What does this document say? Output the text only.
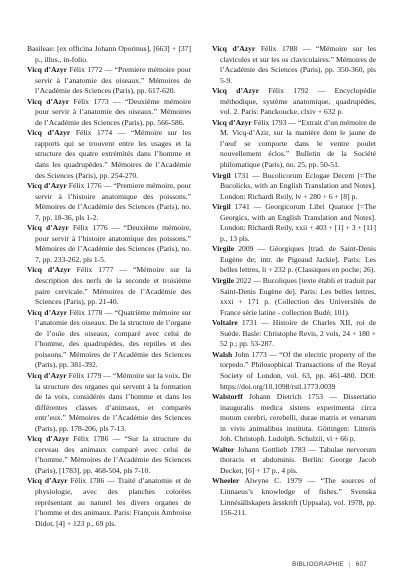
Basileae: [ex officina Johann Oporinus], [663] + [37] p., illus., in-folio.

Vicq d’Azyr Félix 1772 — “Premiere mémoire pour servir à l’anatomie des oiseaux.” Mémoires de l’Académie des Sciences (Paris), pp. 617-620.

Vicq d’Azyr Félix 1773 — “Deuxième mémoire pour servir à l’anatomie des oiseaux.” Mémoires de l’Académie des Sciences (Paris), pp. 566-586.

Vicq d’Azyr Félix 1774 — “Mémoire sur les rapports qui se trouvent entre les usages et la structure des quatre extrémités dans l’homme et dans les quadrupèdes.” Mémoires de l’Académie des Sciences (Paris), pp. 254-270.

Vicq d’Azyr Félix 1776 — “Premiere mémoire, pour servir à l’histoire anatomique des poissons.” Mémoires de l’Académie des Sciences (Paris), no. 7, pp. 18-36, pls 1-2.

Vicq d’Azyr Félix 1776 — “Deuxième mémoire, pour servir à l’histoire anatomique des poissons.” Mémoires de l’Académie des Sciences (Paris), no. 7, pp. 233-262, pls 1-5.

Vicq d’Azyr Félix 1777 — “Mémoire sur la description des nerfs de la seconde et troisième paire cervicale.” Mémoires de l’Académie des Sciences (Paris), pp. 21-40.

Vicq d’Azyr Félix 1778 — “Quatrième mémoire sur l’anatomie des oiseaux. De la structure de l’organe de l’ouïe des oiseaux, comparé avec celui de l’homme, des quadrupèdes, des reptiles et des poissons.” Mémoires de l’Académie des Sciences (Paris), pp. 381-392.

Vicq d’Azyr Félix 1779 — “Mémoire sur la voix. De la structure des organes qui servent à la formation de la voix, considérés dans l’homme et dans les différentes classes d’animaux, et comparés entr’eux.” Mémoires de l’Académie des Sciences (Paris), pp. 178-206, pls 7-13.

Vicq d’Azyr Félix 1786 — “Sur la structure du cerveau des animaux comparé avec celui de l’homme.” Mémoires de l’Académie des Sciences (Paris), [1783], pp. 468-504, pls 7-10.

Vicq d’Azyr Félix 1786 — Traité d’anatomie et de physiologie, avec des planches colorées représentant au naturel les divers organes de l’homme et des animaux. Paris: François Ambroise Didot, [4] + 123 p., 69 pls.

Vicq d’Azyr Félix 1788 — “Mémoire sur les clavicules et sur les os claviculaires.” Mémoires de l’Académie des Sciences (Paris), pp. 350-360, pls 5-9.

Vicq d’Azyr Félix 1792 — Encyclopédie méthodique, système anatomique, quadrupèdes, vol. 2. Paris: Panckoucke, clxiv + 632 p.

Vicq d’Azyr Félix 1793 — “Extrait d’un mémoire de M. Vicq-d’Azir, sur la manière dont le jaune de l’œuf se comporte dans le ventre poulet nouvellement éclos.” Bulletin de la Société philomatique (Paris), no. 25, pp. 50-51.

Virgil 1731 — Bucolicorum Eclogae Decem [=The Bucolicks, with an English Translation and Notes]. London: Richardi Reily, lv + 280 + 6 + [8] p.

Virgil 1741 — Georgicorum Libri Quatuor [=The Georgics, with an English Translation and Notes]. London: Richardi Reily, xxii + 403 + [1] + 3 + [11] p., 13 pls.

Virgile 2009 — Géorgiques [trad. de Saint-Denis Eugène de; intr. de Pigeaud Jackie]. Paris: Les belles lettres, li + 232 p. (Classiques en poche; 26).

Virgile 2022 — Bucoliques [texte établi et traduit par Saint-Denis Eugène de]. Paris: Les belles lettres, xxxi + 171 p. (Collection des Universités de France série latine - collection Budé; 101).

Voltaire 1731 — Histoire de Charles XII, roi de Suède. Basle: Christophe Revis, 2 vols, 24 + 180 + 52 p.; pp. 53-287.

Walsh John 1773 — “Of the electric property of the torpedo.” Philosophical Transactions of the Royal Society of London, vol. 63, pp. 461-480. DOI: https://doi.org/10.1098/rstl.1773.0039

Walstorff Johann Dietrich 1753 — Dissertatio inauguralis medica sistens experimenta circa motum cerebri, cerebelli, durae matris et venarum in vivis animalibus instituta. Göttingen: Litteris Joh. Christoph. Ludolph. Schulzii, vi + 66 p.

Walter Johann Gottlieb 1783 — Tabulae nervorum thoracis et abdominis. Berlin: George Jacob Decker, [6] + 17 p., 4 pls.

Wheeler Alwyne C. 1979 — “The sources of Linnaeus’s knowledge of fishes.” Svenska Linnésällskapets årsskrift (Uppsala), vol. 1978, pp. 156-211.

BIBLIOGRAPHIE | 607
